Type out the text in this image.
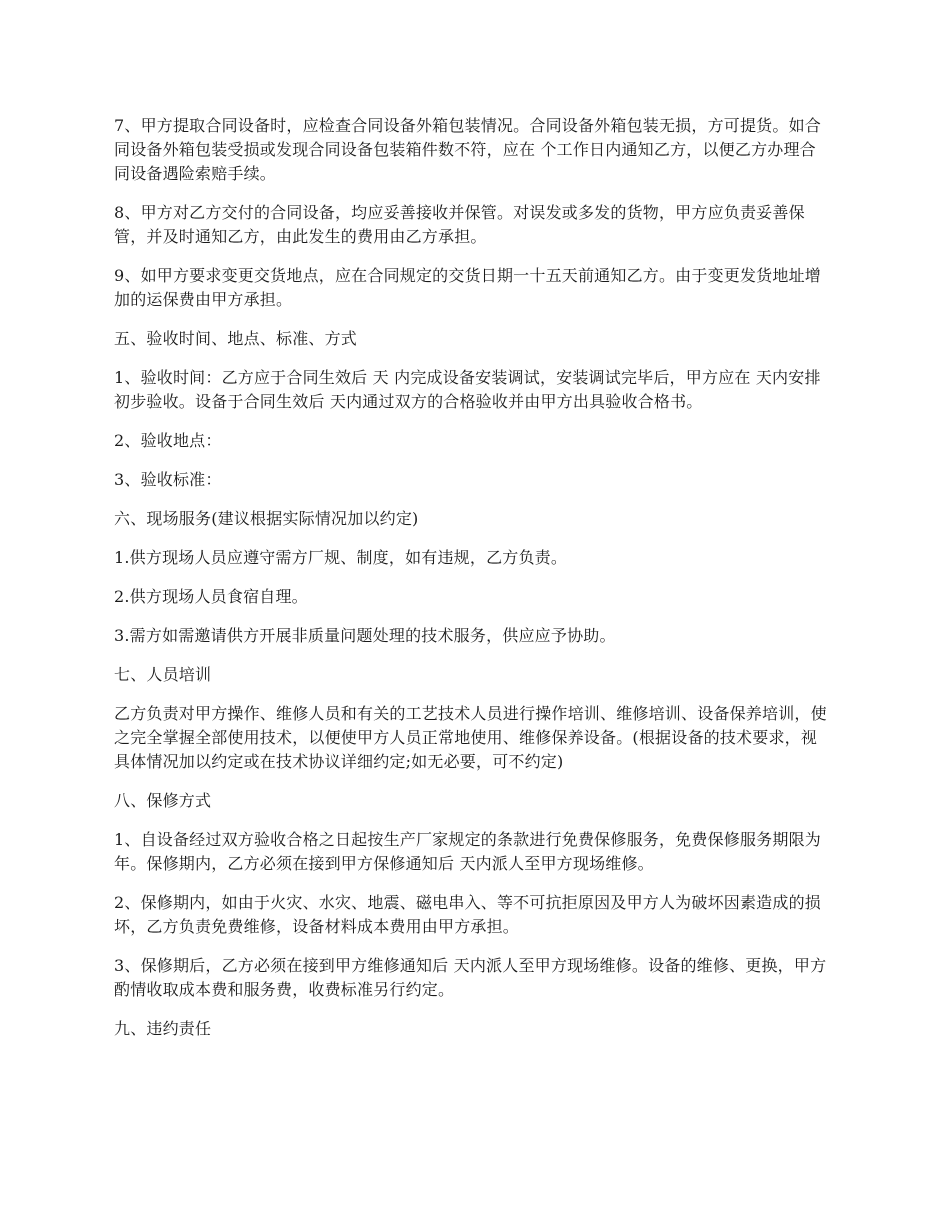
7、甲方提取合同设备时，应检查合同设备外箱包装情况。合同设备外箱包装无损，方可提货。如合同设备外箱包装受损或发现合同设备包装箱件数不符，应在 个工作日内通知乙方，以便乙方办理合同设备遇险索赔手续。

8、甲方对乙方交付的合同设备，均应妥善接收并保管。对误发或多发的货物，甲方应负责妥善保管，并及时通知乙方，由此发生的费用由乙方承担。

9、如甲方要求变更交货地点，应在合同规定的交货日期一十五天前通知乙方。由于变更发货地址增加的运保费由甲方承担。

五、验收时间、地点、标准、方式

1、验收时间：乙方应于合同生效后 天 内完成设备安装调试，安装调试完毕后，甲方应在 天内安排初步验收。设备于合同生效后 天内通过双方的合格验收并由甲方出具验收合格书。

2、验收地点：

3、验收标准：

六、现场服务(建议根据实际情况加以约定)

1.供方现场人员应遵守需方厂规、制度，如有违规，乙方负责。

2.供方现场人员食宿自理。

3.需方如需邀请供方开展非质量问题处理的技术服务，供应应予协助。

七、人员培训

乙方负责对甲方操作、维修人员和有关的工艺技术人员进行操作培训、维修培训、设备保养培训，使之完全掌握全部使用技术，以便使甲方人员正常地使用、维修保养设备。(根据设备的技术要求，视具体情况加以约定或在技术协议详细约定;如无必要，可不约定)

八、保修方式

1、自设备经过双方验收合格之日起按生产厂家规定的条款进行免费保修服务，免费保修服务期限为 年。保修期内，乙方必须在接到甲方保修通知后 天内派人至甲方现场维修。

2、保修期内，如由于火灾、水灾、地震、磁电串入、等不可抗拒原因及甲方人为破坏因素造成的损坏，乙方负责免费维修，设备材料成本费用由甲方承担。

3、保修期后，乙方必须在接到甲方维修通知后 天内派人至甲方现场维修。设备的维修、更换，甲方酌情收取成本费和服务费，收费标准另行约定。

九、违约责任
